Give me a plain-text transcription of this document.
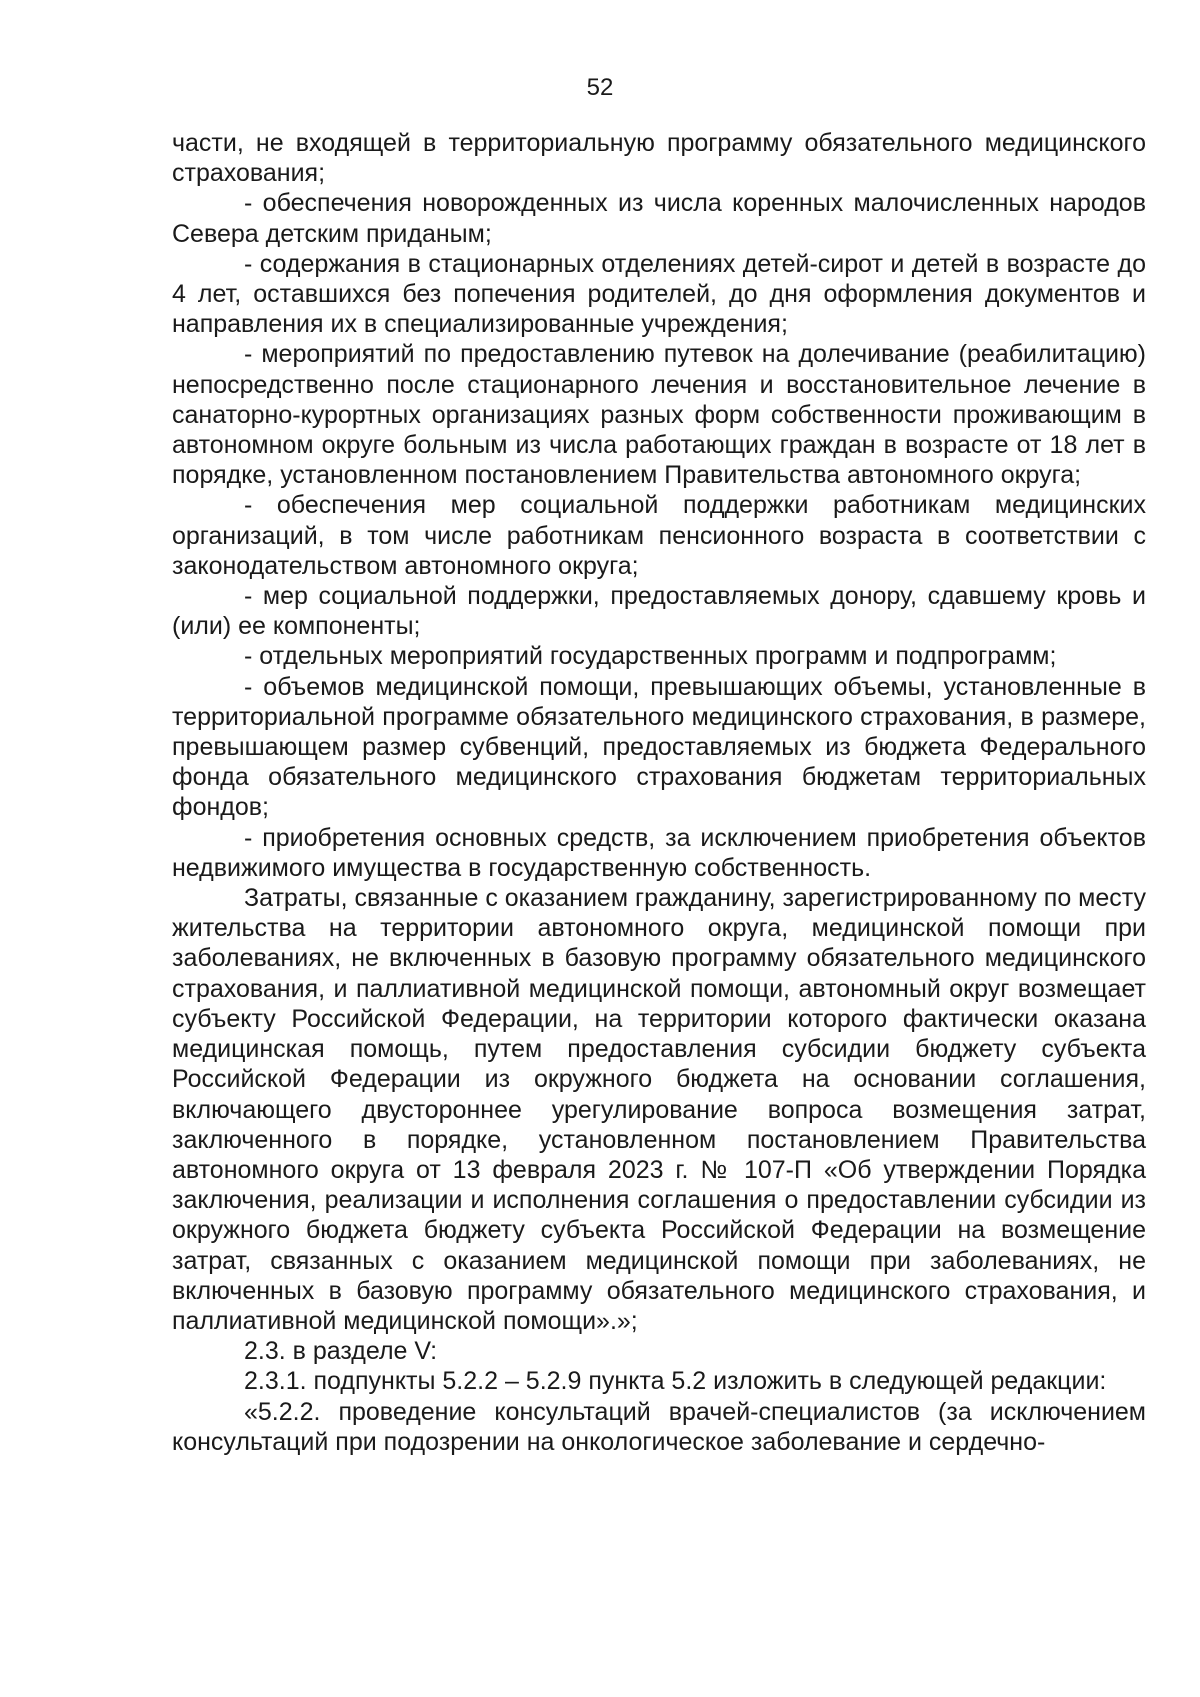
52

части, не входящей в территориальную программу обязательного медицинского страхования;

- обеспечения новорожденных из числа коренных малочисленных народов Севера детским приданым;

- содержания в стационарных отделениях детей-сирот и детей в возрасте до 4 лет, оставшихся без попечения родителей, до дня оформления документов и направления их в специализированные учреждения;

- мероприятий по предоставлению путевок на долечивание (реабилитацию) непосредственно после стационарного лечения и восстановительное лечение в санаторно-курортных организациях разных форм собственности проживающим в автономном округе больным из числа работающих граждан в возрасте от 18 лет в порядке, установленном постановлением Правительства автономного округа;

- обеспечения мер социальной поддержки работникам медицинских организаций, в том числе работникам пенсионного возраста в соответствии с законодательством автономного округа;

- мер социальной поддержки, предоставляемых донору, сдавшему кровь и (или) ее компоненты;

- отдельных мероприятий государственных программ и подпрограмм;

- объемов медицинской помощи, превышающих объемы, установленные в территориальной программе обязательного медицинского страхования, в размере, превышающем размер субвенций, предоставляемых из бюджета Федерального фонда обязательного медицинского страхования бюджетам территориальных фондов;

- приобретения основных средств, за исключением приобретения объектов недвижимого имущества в государственную собственность.

Затраты, связанные с оказанием гражданину, зарегистрированному по месту жительства на территории автономного округа, медицинской помощи при заболеваниях, не включенных в базовую программу обязательного медицинского страхования, и паллиативной медицинской помощи, автономный округ возмещает субъекту Российской Федерации, на территории которого фактически оказана медицинская помощь, путем предоставления субсидии бюджету субъекта Российской Федерации из окружного бюджета на основании соглашения, включающего двустороннее урегулирование вопроса возмещения затрат, заключенного в порядке, установленном постановлением Правительства автономного округа от 13 февраля 2023 г. № 107-П «Об утверждении Порядка заключения, реализации и исполнения соглашения о предоставлении субсидии из окружного бюджета бюджету субъекта Российской Федерации на возмещение затрат, связанных с оказанием медицинской помощи при заболеваниях, не включенных в базовую программу обязательного медицинского страхования, и паллиативной медицинской помощи».»;

2.3. в разделе V:

2.3.1. подпункты 5.2.2 – 5.2.9 пункта 5.2 изложить в следующей редакции:

«5.2.2. проведение консультаций врачей-специалистов (за исключением консультаций при подозрении на онкологическое заболевание и сердечно-
